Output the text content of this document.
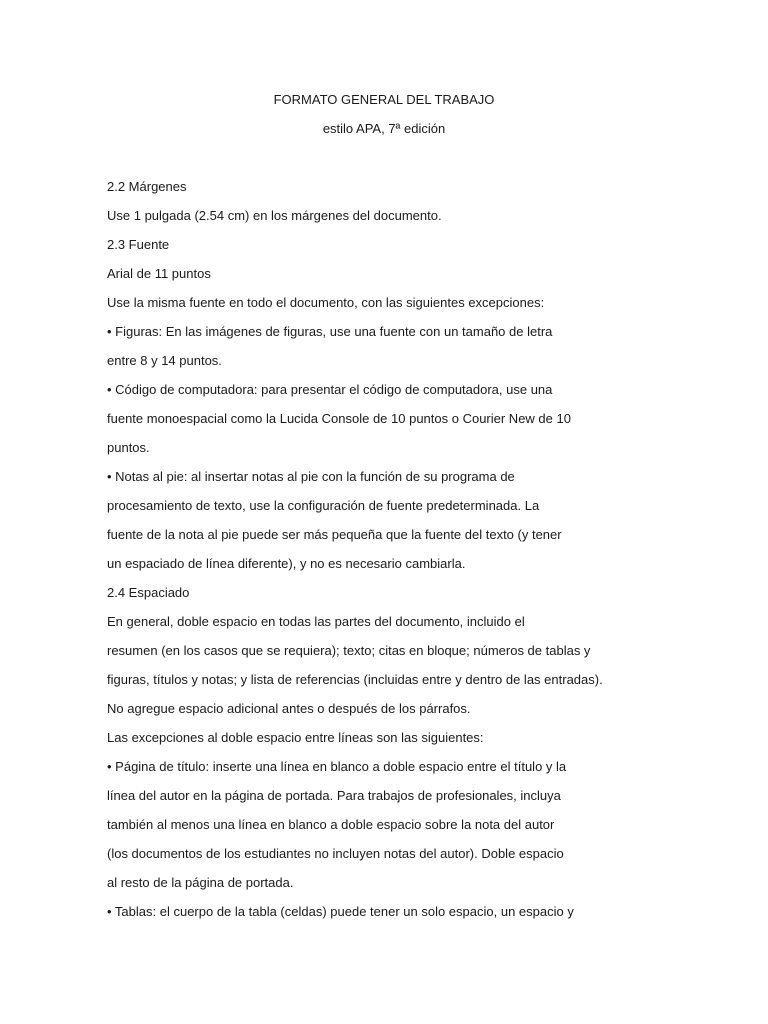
FORMATO GENERAL DEL TRABAJO
estilo APA, 7ª edición
2.2 Márgenes
Use 1 pulgada (2.54 cm) en los márgenes del documento.
2.3 Fuente
Arial de 11 puntos
Use la misma fuente en todo el documento, con las siguientes excepciones:
• Figuras: En las imágenes de figuras, use una fuente con un tamaño de letra
entre 8 y 14 puntos.
• Código de computadora: para presentar el código de computadora, use una
fuente monoespacial como la Lucida Console de 10 puntos o Courier New de 10
puntos.
• Notas al pie: al insertar notas al pie con la función de su programa de
procesamiento de texto, use la configuración de fuente predeterminada. La
fuente de la nota al pie puede ser más pequeña que la fuente del texto (y tener
un espaciado de línea diferente), y no es necesario cambiarla.
2.4 Espaciado
En general, doble espacio en todas las partes del documento, incluido el
resumen (en los casos que se requiera); texto; citas en bloque; números de tablas y
figuras, títulos y notas; y lista de referencias (incluidas entre y dentro de las entradas).
No agregue espacio adicional antes o después de los párrafos.
Las excepciones al doble espacio entre líneas son las siguientes:
• Página de título: inserte una línea en blanco a doble espacio entre el título y la
línea del autor en la página de portada. Para trabajos de profesionales, incluya
también al menos una línea en blanco a doble espacio sobre la nota del autor
(los documentos de los estudiantes no incluyen notas del autor). Doble espacio
al resto de la página de portada.
• Tablas: el cuerpo de la tabla (celdas) puede tener un solo espacio, un espacio y
